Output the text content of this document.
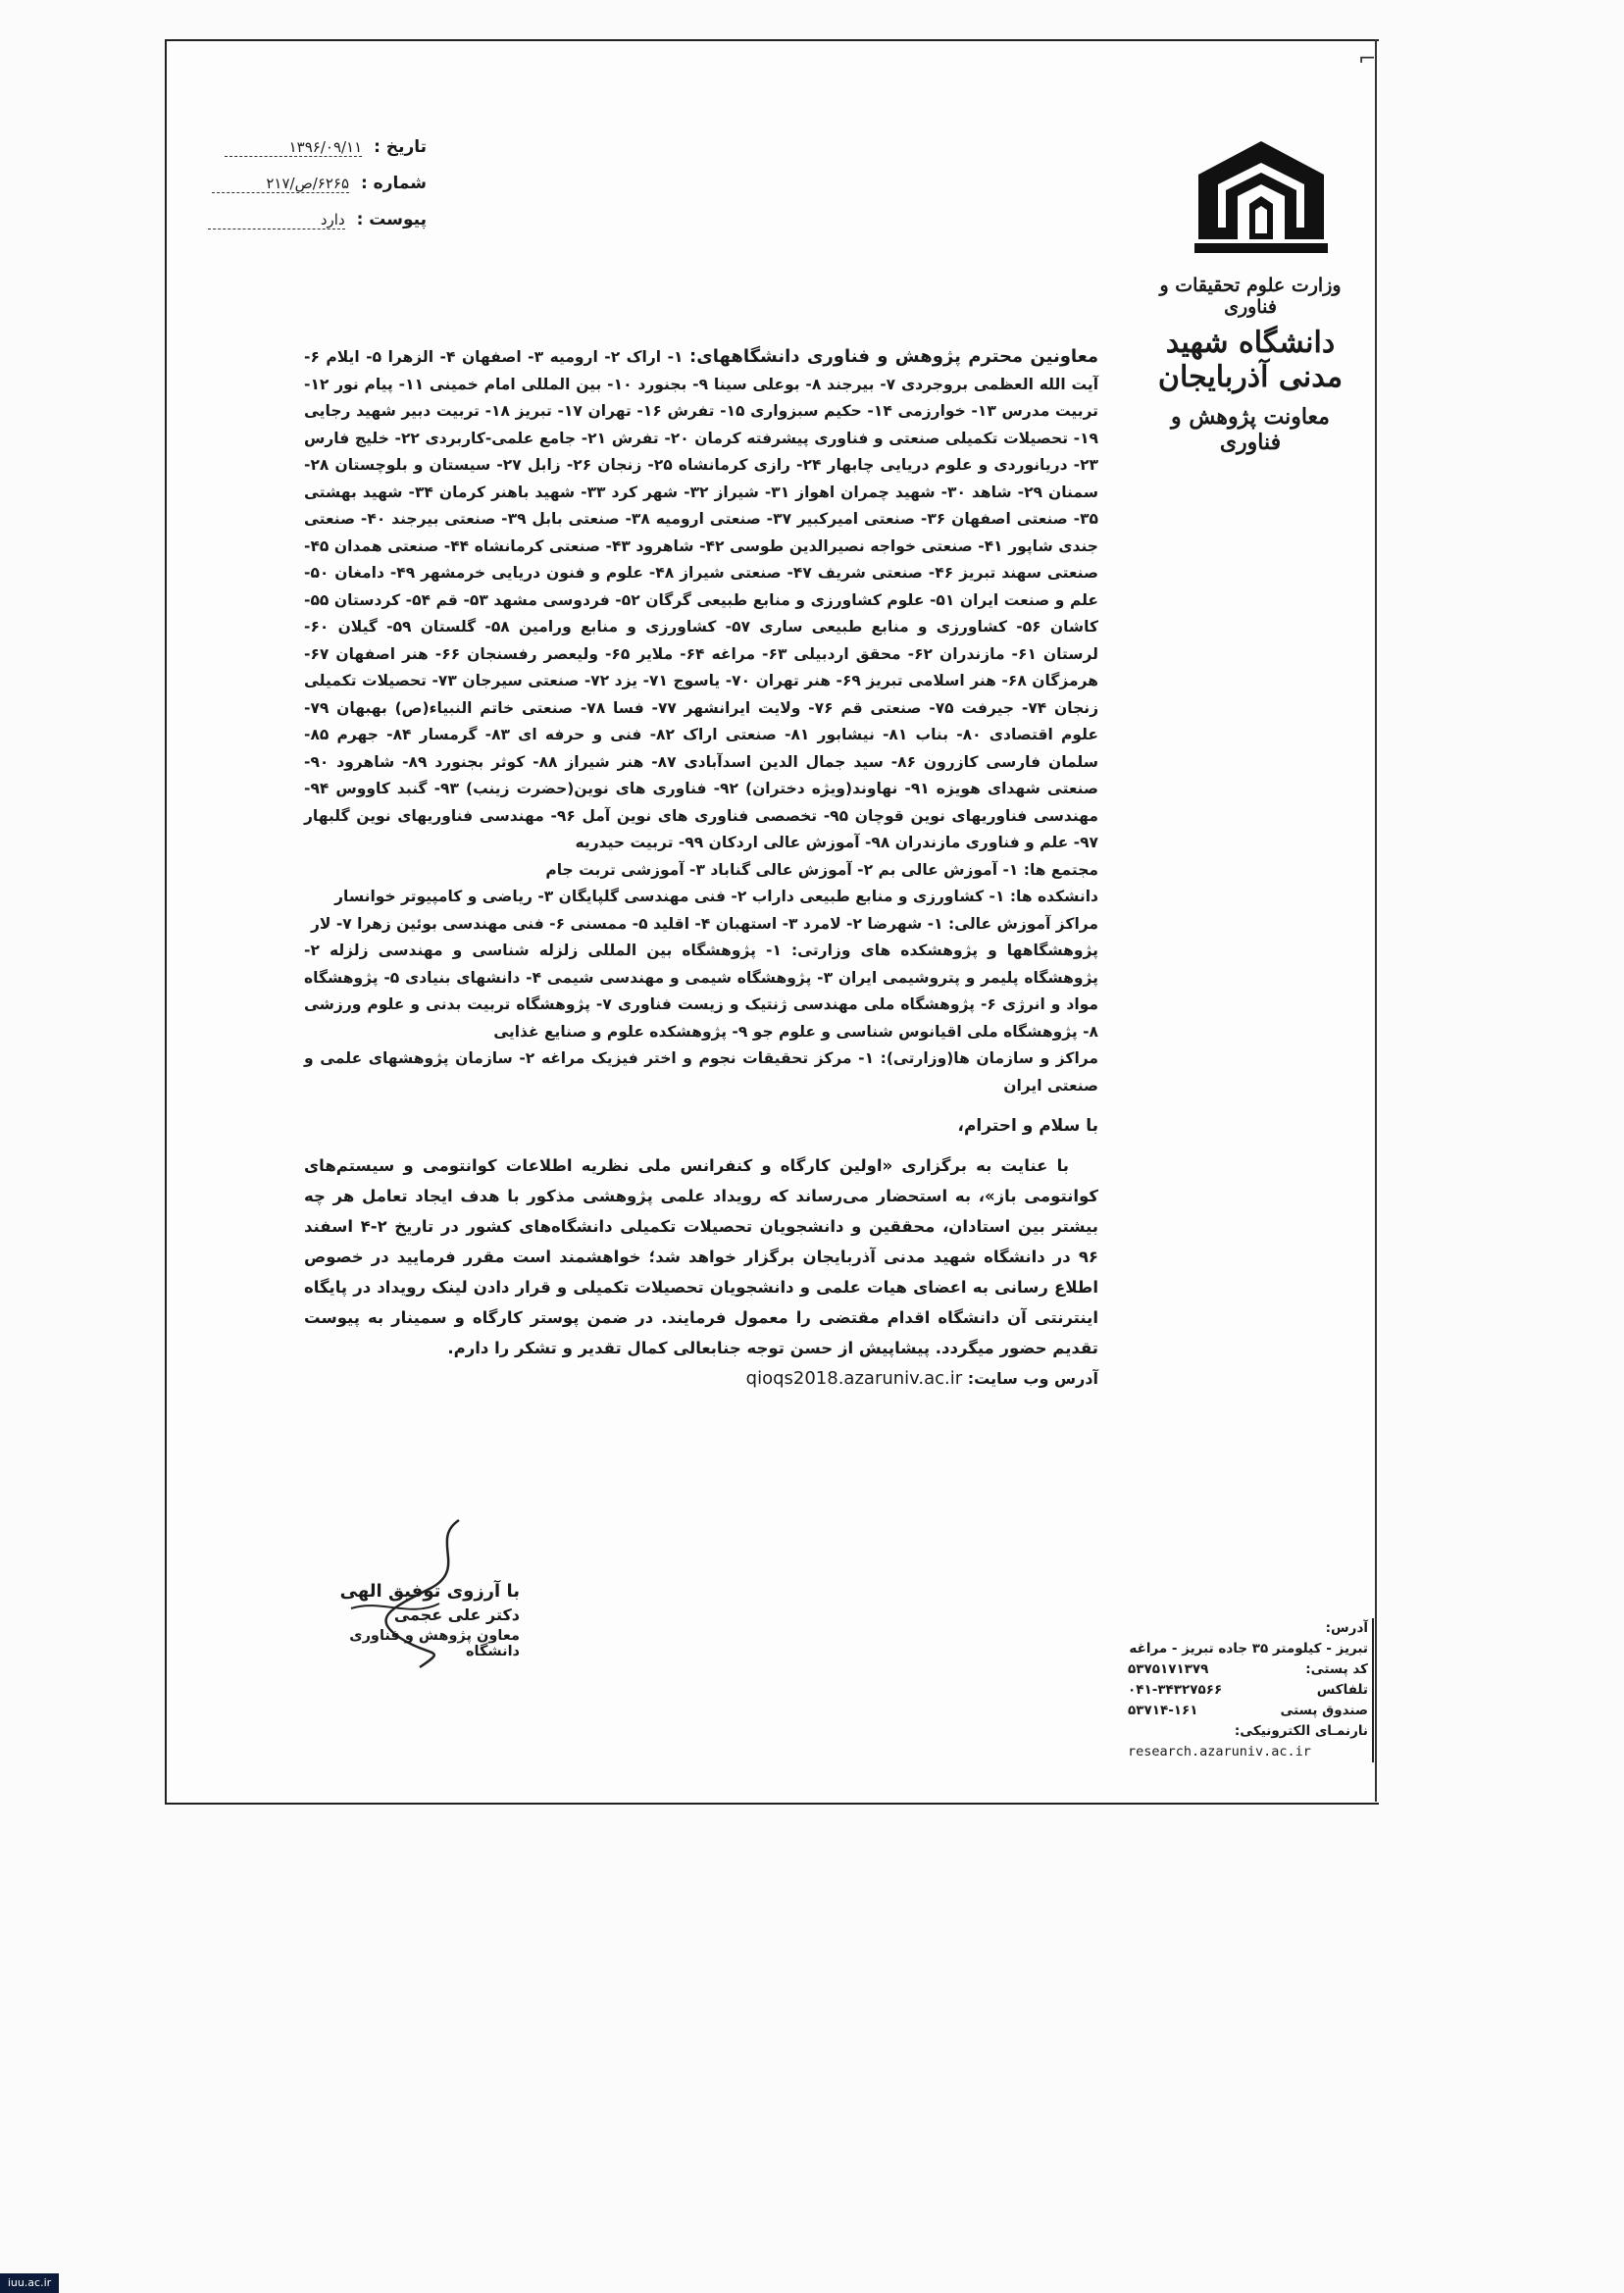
⌐
تاریخ : ۱۳۹۶/۰۹/۱۱
شماره : ۶۲۶۵/ص/۲۱۷
پیوست : دارد
وزارت علوم تحقیقات و فناوری
دانشگاه شهید مدنی آذربایجان
معاونت پژوهش و فناوری

معاونین محترم پژوهش و فناوری دانشگاههای: ۱- اراک ۲- ارومیه ۳- اصفهان ۴- الزهرا ۵- ایلام ۶- آیت الله العظمی بروجردی ۷- بیرجند ۸- بوعلی سینا ۹- بجنورد ۱۰- بین المللی امام خمینی ۱۱- پیام نور ۱۲- تربیت مدرس ۱۳- خوارزمی ۱۴- حکیم سبزواری ۱۵- تفرش ۱۶- تهران ۱۷- تبریز ۱۸- تربیت دبیر شهید رجایی ۱۹- تحصیلات تکمیلی صنعتی و فناوری پیشرفته کرمان ۲۰- تفرش ۲۱- جامع علمی-کاربردی ۲۲- خلیج فارس ۲۳- دریانوردی و علوم دریایی چابهار ۲۴- رازی کرمانشاه ۲۵- زنجان ۲۶- زابل ۲۷- سیستان و بلوچستان ۲۸- سمنان ۲۹- شاهد ۳۰- شهید چمران اهواز ۳۱- شیراز ۳۲- شهر کرد ۳۳- شهید باهنر کرمان ۳۴- شهید بهشتی ۳۵- صنعتی اصفهان ۳۶- صنعتی امیرکبیر ۳۷- صنعتی ارومیه ۳۸- صنعتی بابل ۳۹- صنعتی بیرجند ۴۰- صنعتی جندی شاپور ۴۱- صنعتی خواجه نصیرالدین طوسی ۴۲- شاهرود ۴۳- صنعتی کرمانشاه ۴۴- صنعتی همدان ۴۵- صنعتی سهند تبریز ۴۶- صنعتی شریف ۴۷- صنعتی شیراز ۴۸- علوم و فنون دریایی خرمشهر ۴۹- دامغان ۵۰- علم و صنعت ایران ۵۱- علوم کشاورزی و منابع طبیعی گرگان ۵۲- فردوسی مشهد ۵۳- قم ۵۴- کردستان ۵۵- کاشان ۵۶- کشاورزی و منابع طبیعی ساری ۵۷- کشاورزی و منابع ورامین ۵۸- گلستان ۵۹- گیلان ۶۰- لرستان ۶۱- مازندران ۶۲- محقق اردبیلی ۶۳- مراغه ۶۴- ملایر ۶۵- ولیعصر رفسنجان ۶۶- هنر اصفهان ۶۷- هرمزگان ۶۸- هنر اسلامی تبریز ۶۹- هنر تهران ۷۰- یاسوج ۷۱- یزد ۷۲- صنعتی سیرجان ۷۳- تحصیلات تکمیلی زنجان ۷۴- جیرفت ۷۵- صنعتی قم ۷۶- ولایت ایرانشهر ۷۷- فسا ۷۸- صنعتی خاتم النبیاء(ص) بهبهان ۷۹- علوم اقتصادی ۸۰- بناب ۸۱- نیشابور ۸۱- صنعتی اراک ۸۲- فنی و حرفه ای ۸۳- گرمسار ۸۴- جهرم ۸۵- سلمان فارسی کازرون ۸۶- سید جمال الدین اسدآبادی ۸۷- هنر شیراز ۸۸- کوثر بجنورد ۸۹- شاهرود ۹۰- صنعتی شهدای هویزه ۹۱- نهاوند(ویژه دختران) ۹۲- فناوری های نوین(حضرت زینب) ۹۳- گنبد کاووس ۹۴- مهندسی فناوریهای نوین قوچان ۹۵- تخصصی فناوری های نوین آمل ۹۶- مهندسی فناوریهای نوین گلبهار ۹۷- علم و فناوری مازندران ۹۸- آموزش عالی اردکان ۹۹- تربیت حیدریه

مجتمع ها: ۱- آموزش عالی بم ۲- آموزش عالی گناباد ۳- آموزشی تربت جام

دانشکده ها: ۱- کشاورزی و منابع طبیعی داراب ۲- فنی مهندسی گلپایگان ۳- ریاضی و کامپیوتر خوانسار

مراکز آموزش عالی: ۱- شهرضا ۲- لامرد ۳- استهبان ۴- اقلید ۵- ممسنی ۶- فنی مهندسی بوئین زهرا ۷- لار

پژوهشگاهها و پژوهشکده های وزارتی: ۱- پژوهشگاه بین المللی زلزله شناسی و مهندسی زلزله ۲- پژوهشگاه پلیمر و پتروشیمی ایران ۳- پژوهشگاه شیمی و مهندسی شیمی ۴- دانشهای بنیادی ۵- پژوهشگاه مواد و انرژی ۶- پژوهشگاه ملی مهندسی ژنتیک و زیست فناوری ۷- پژوهشگاه تربیت بدنی و علوم ورزشی ۸- پژوهشگاه ملی اقیانوس شناسی و علوم جو ۹- پژوهشکده علوم و صنایع غذایی

مراکز و سازمان ها(وزارتی): ۱- مرکز تحقیقات نجوم و اختر فیزیک مراغه ۲- سازمان پژوهشهای علمی و صنعتی ایران

با سلام و احترام،

با عنایت به برگزاری «اولین کارگاه و کنفرانس ملی نظریه اطلاعات کوانتومی و سیستم‌های کوانتومی باز»، به استحضار می‌رساند که رویداد علمی پژوهشی مذکور با هدف ایجاد تعامل هر چه بیشتر بین استادان، محققین و دانشجویان تحصیلات تکمیلی دانشگاه‌های کشور در تاریخ ۲-۴ اسفند ۹۶ در دانشگاه شهید مدنی آذربایجان برگزار خواهد شد؛ خواهشمند است مقرر فرمایید در خصوص اطلاع رسانی به اعضای هیات علمی و دانشجویان تحصیلات تکمیلی و قرار دادن لینک رویداد در پایگاه اینترنتی آن دانشگاه اقدام مقتضی را معمول فرمایند. در ضمن پوستر کارگاه و سمینار به پیوست تقدیم حضور میگردد. پیشاپیش از حسن توجه جنابعالی کمال تقدیر و تشکر را دارم.

آدرس وب سایت: qioqs2018.azaruniv.ac.ir

با آرزوی توفیق الهی
دکتر علی عجمی
معاون پژوهش و فناوری دانشگاه
آدرس:
تبریز - کیلومتر ۳۵ جاده تبریز - مراغه
کد پستی:
۵۳۷۵۱۷۱۳۷۹
تلفاکس
۰۴۱-۳۴۳۲۷۵۶۶
صندوق پستی
۵۳۷۱۴-۱۶۱
نارنمـای الکترونیکی:
research.azaruniv.ac.ir
iuu.ac.ir
